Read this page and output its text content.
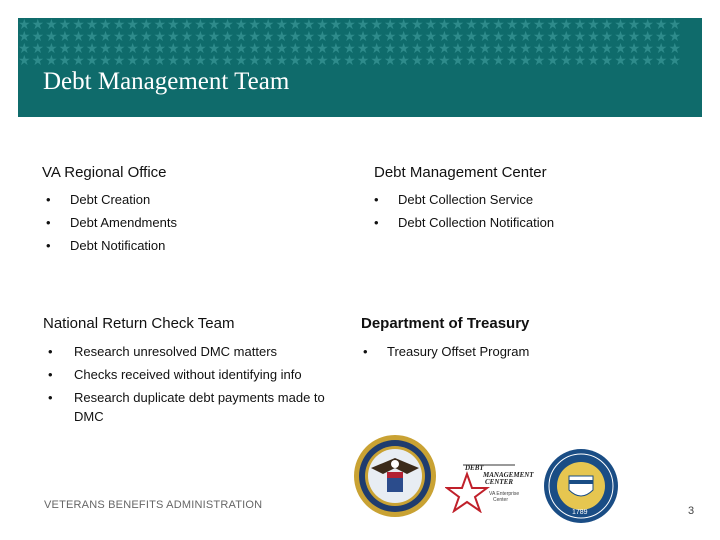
★★★★★★★★★★★★★★★★★★★★★★★★★★★★★★★★★★★★★★★★★★★★★★★★★
★★★★★★★★★★★★★★★★★★★★★★★★★★★★★★★★★★★★★★★★★★★★★★★★★
★★★★★★★★★★★★★★★★★★★★★★★★★★★★★★★★★★★★★★★★★★★★★★★★★
★★★★★★★★★★★★★★★★★★★★★★★★★★★★★★★★★★★★★★★★★★★★★★★★★
Debt Management Team
VA Regional Office
• Debt Creation
• Debt Amendments
• Debt Notification
Debt Management Center
• Debt Collection Service
• Debt Collection Notification
National Return Check Team
• Research unresolved DMC matters
• Checks received without identifying info
• Research duplicate debt payments made to DMC
Department of Treasury
• Treasury Offset Program
DEBT
MANAGEMENT
CENTER
VA Enterprise
Center
1789
VETERANS BENEFITS ADMINISTRATION	3
